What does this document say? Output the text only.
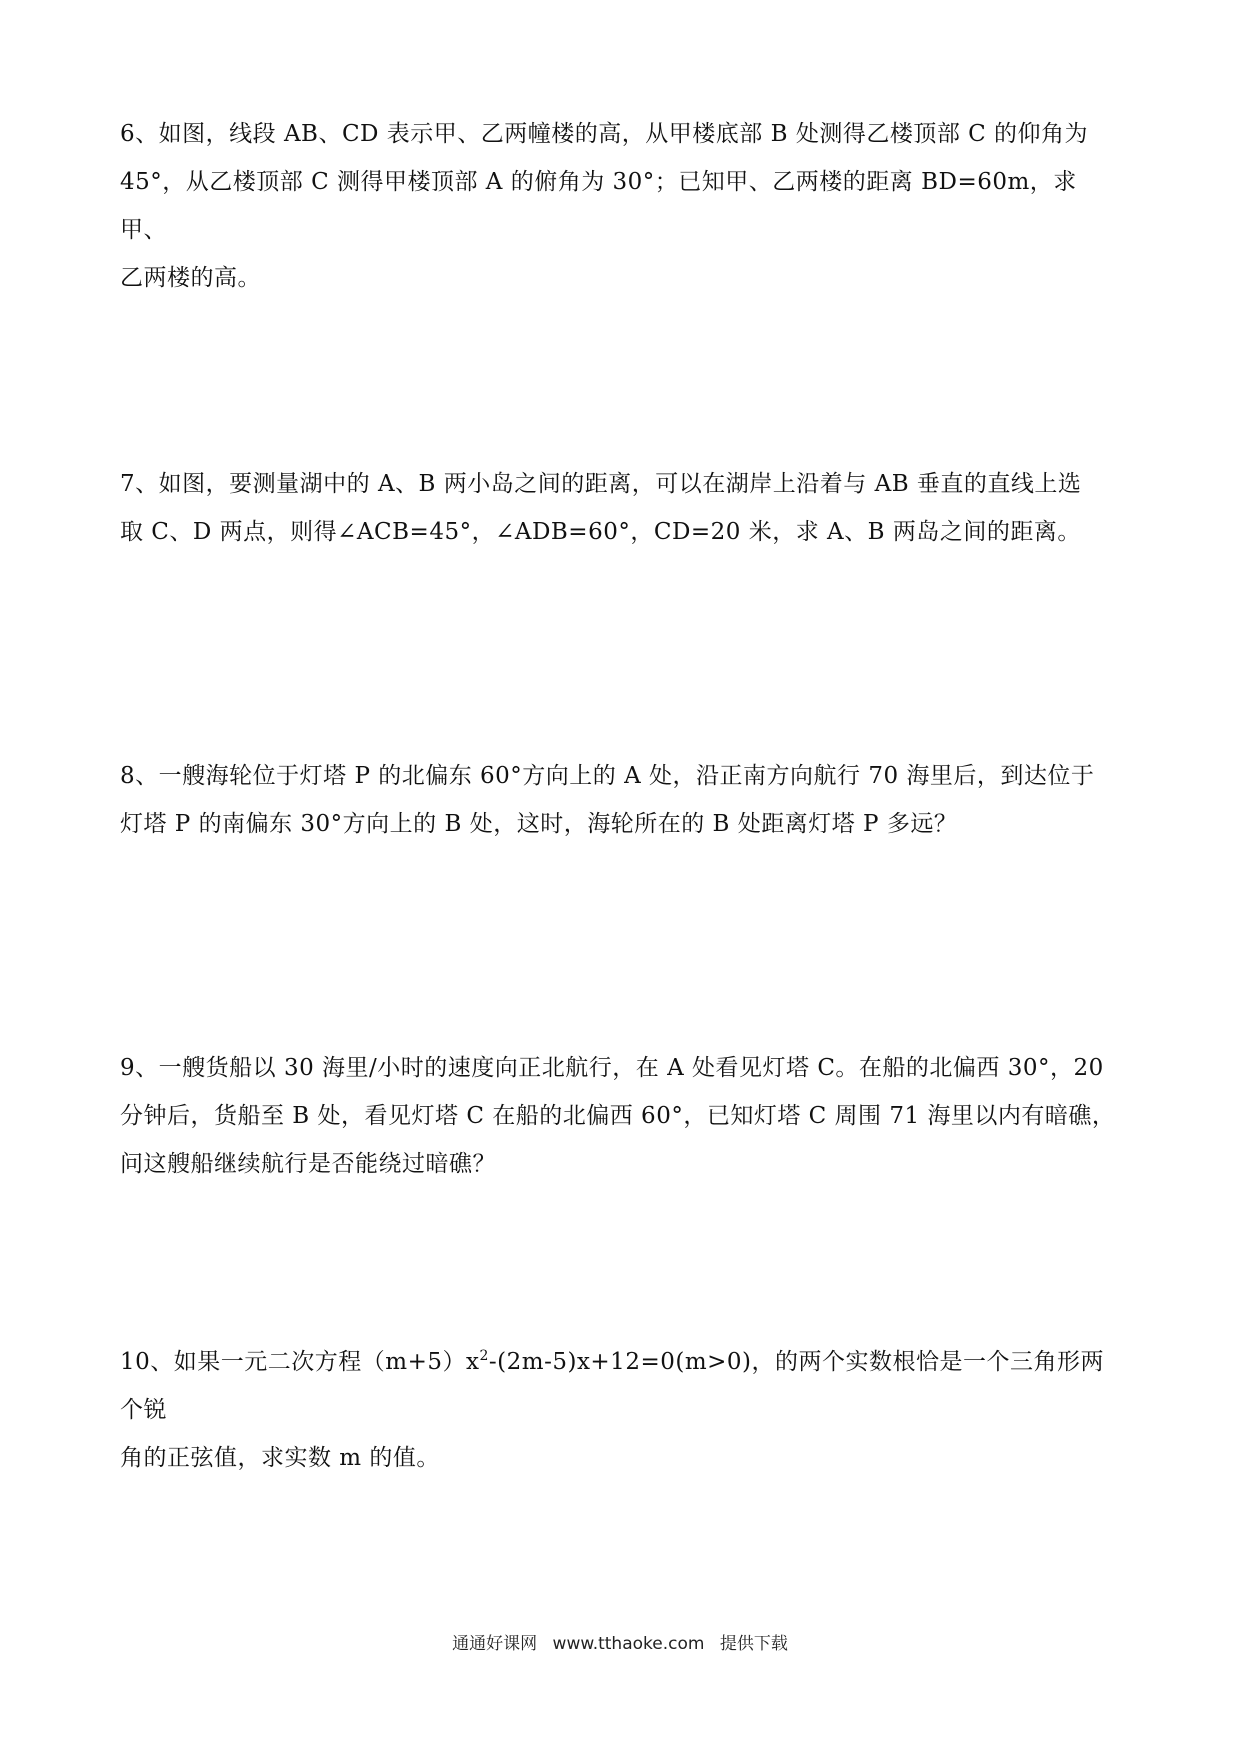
6、如图，线段 AB、CD 表示甲、乙两幢楼的高，从甲楼底部 B 处测得乙楼顶部 C 的仰角为

45°，从乙楼顶部 C 测得甲楼顶部 A 的俯角为 30°；已知甲、乙两楼的距离 BD=60m，求甲、

乙两楼的高。

7、如图，要测量湖中的 A、B 两小岛之间的距离，可以在湖岸上沿着与 AB 垂直的直线上选

取 C、D 两点，则得∠ACB=45°，∠ADB=60°，CD=20 米，求 A、B 两岛之间的距离。

8、一艘海轮位于灯塔 P 的北偏东 60°方向上的 A 处，沿正南方向航行 70 海里后，到达位于

灯塔 P 的南偏东 30°方向上的 B 处，这时，海轮所在的 B 处距离灯塔 P 多远？

9、一艘货船以 30 海里/小时的速度向正北航行，在 A 处看见灯塔 C。在船的北偏西 30°，20

分钟后，货船至 B 处，看见灯塔 C 在船的北偏西 60°，已知灯塔 C 周围 71 海里以内有暗礁，

问这艘船继续航行是否能绕过暗礁？

10、如果一元二次方程$(m+5)x^2-(2m-5)x+12=0(m>0)$，的两个实数根恰是一个三角形两个锐

角的正弦值，求实数 m 的值。

通通好课网 www.tthaoke.com 提供下载
